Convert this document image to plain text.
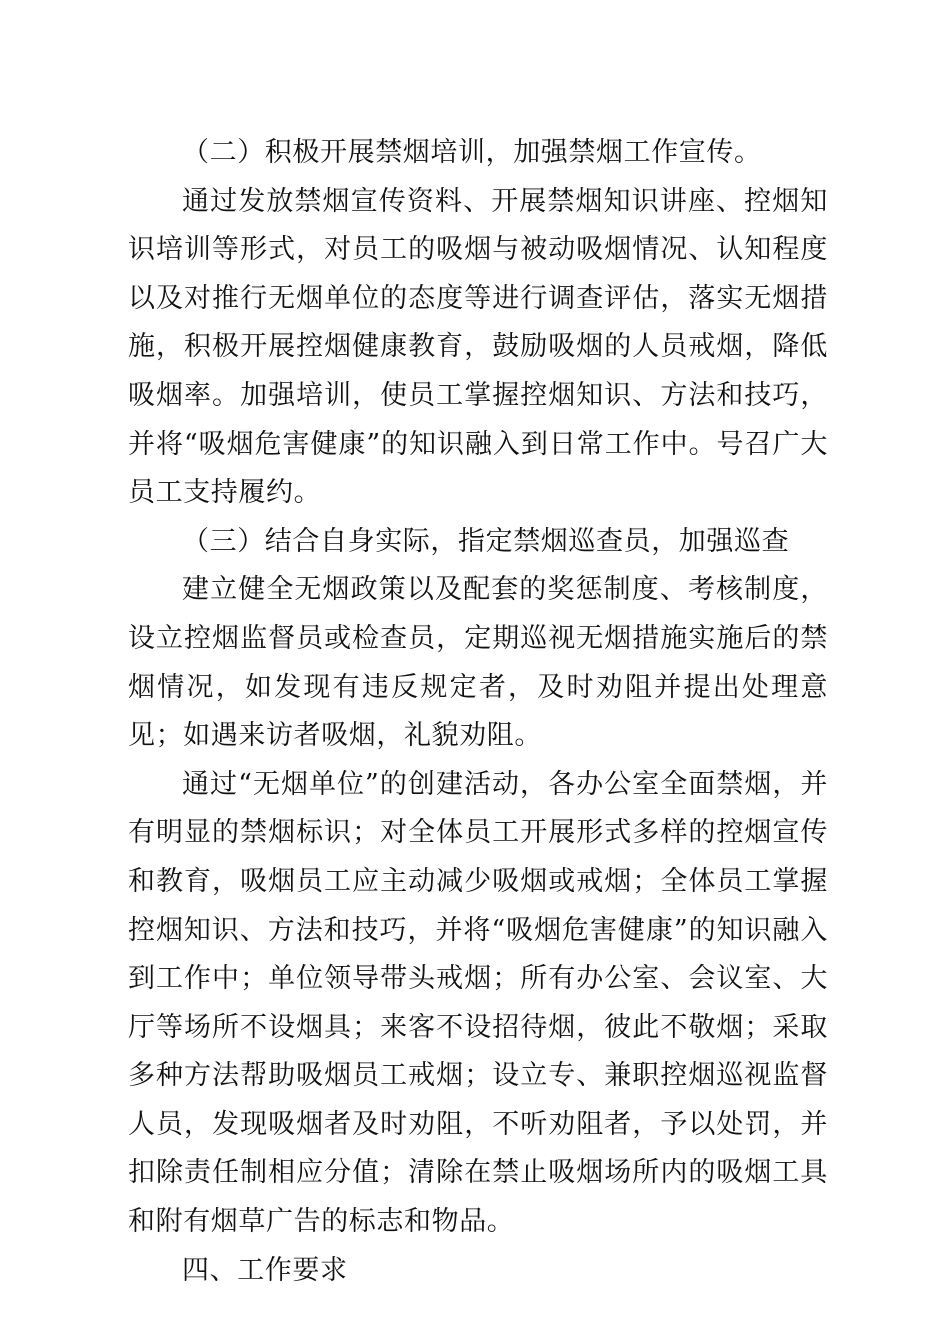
（二）积极开展禁烟培训，加强禁烟工作宣传。

通过发放禁烟宣传资料、开展禁烟知识讲座、控烟知识培训等形式，对员工的吸烟与被动吸烟情况、认知程度以及对推行无烟单位的态度等进行调查评估，落实无烟措施，积极开展控烟健康教育，鼓励吸烟的人员戒烟，降低吸烟率。加强培训，使员工掌握控烟知识、方法和技巧，并将“吸烟危害健康”的知识融入到日常工作中。号召广大员工支持履约。

（三）结合自身实际，指定禁烟巡查员，加强巡查

建立健全无烟政策以及配套的奖惩制度、考核制度，设立控烟监督员或检查员，定期巡视无烟措施实施后的禁烟情况，如发现有违反规定者，及时劝阻并提出处理意见；如遇来访者吸烟，礼貌劝阻。

通过“无烟单位”的创建活动，各办公室全面禁烟，并有明显的禁烟标识；对全体员工开展形式多样的控烟宣传和教育，吸烟员工应主动减少吸烟或戒烟；全体员工掌握控烟知识、方法和技巧，并将“吸烟危害健康”的知识融入到工作中；单位领导带头戒烟；所有办公室、会议室、大厅等场所不设烟具；来客不设招待烟，彼此不敬烟；采取多种方法帮助吸烟员工戒烟；设立专、兼职控烟巡视监督人员，发现吸烟者及时劝阻，不听劝阻者，予以处罚，并扣除责任制相应分值；清除在禁止吸烟场所内的吸烟工具和附有烟草广告的标志和物品。

四、工作要求
